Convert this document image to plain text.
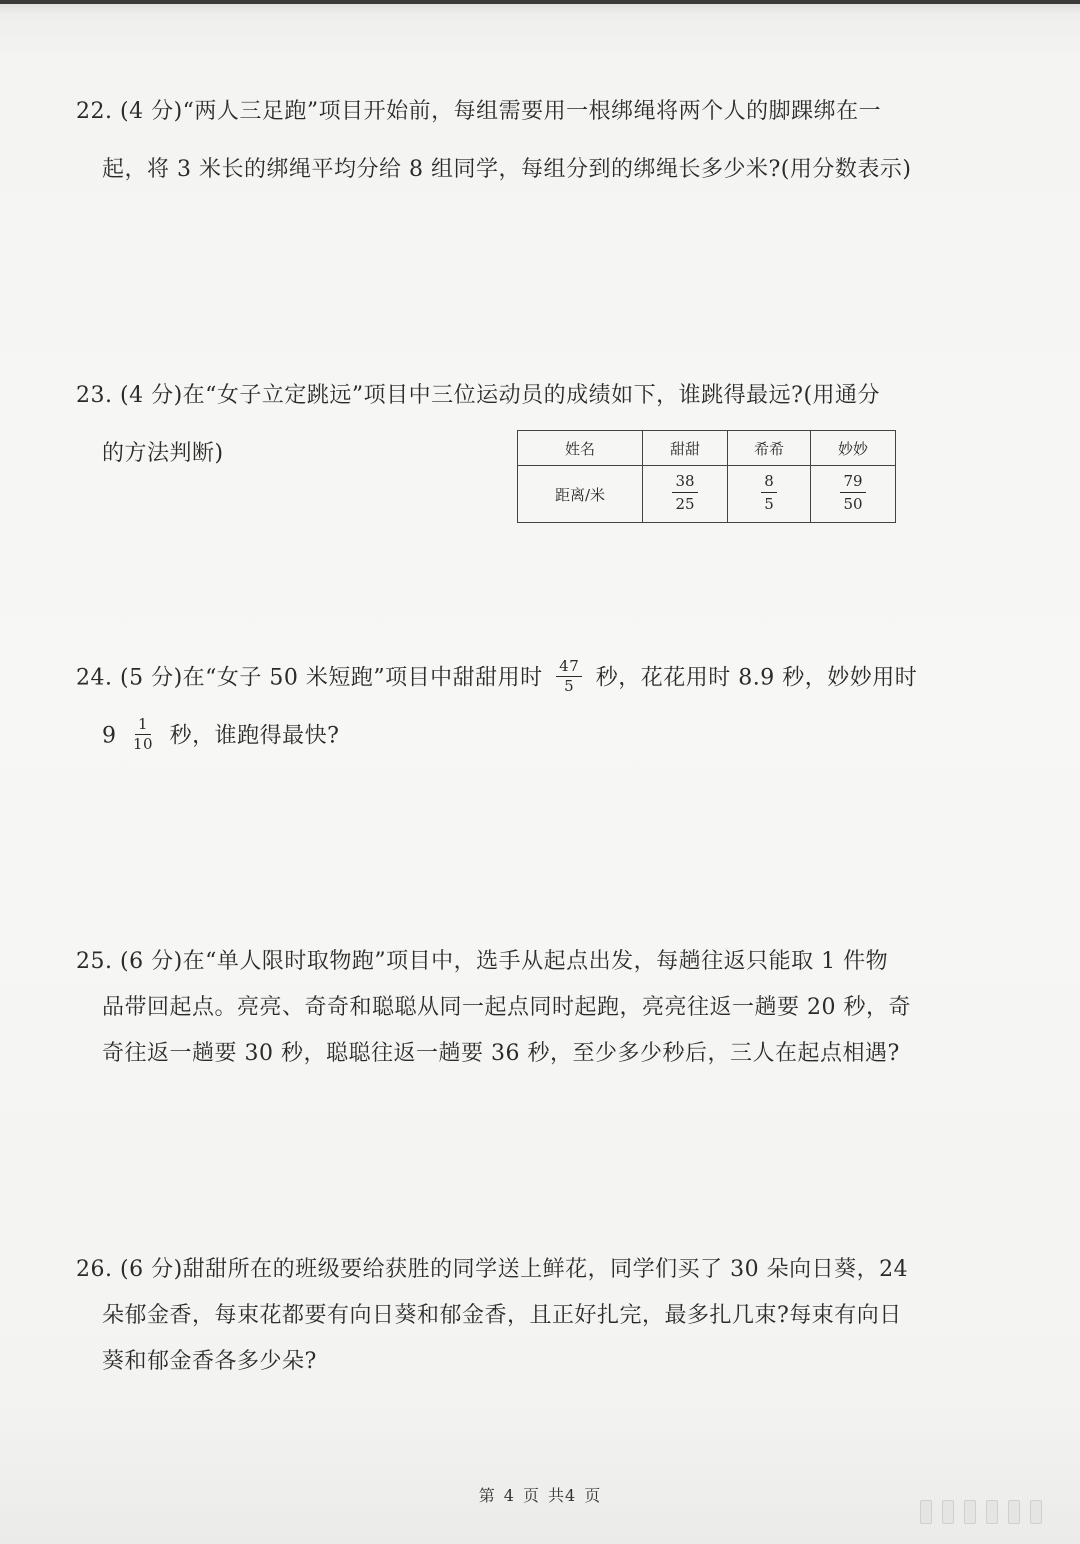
22. (4 分)“两人三足跑”项目开始前，每组需要用一根绑绳将两个人的脚踝绑在一
起，将 3 米长的绑绳平均分给 8 组同学，每组分到的绑绳长多少米?(用分数表示)
23. (4 分)在“女子立定跳远”项目中三位运动员的成绩如下，谁跳得最远?(用通分
的方法判断)	姓名	甜甜	希希	妙妙
距离/米	$\frac{38}{25}$	$\frac{8}{5}$	$\frac{79}{50}$
24. (5 分)在“女子 50 米短跑”项目中甜甜用时 $\frac{47}{5}$ 秒，花花用时 8.9 秒，妙妙用时
$9 \frac{1}{10}$ 秒，谁跑得最快?
25. (6 分)在“单人限时取物跑”项目中，选手从起点出发，每趟往返只能取 1 件物
品带回起点。亮亮、奇奇和聪聪从同一起点同时起跑，亮亮往返一趟要 20 秒，奇
奇往返一趟要 30 秒，聪聪往返一趟要 36 秒，至少多少秒后，三人在起点相遇?
26. (6 分)甜甜所在的班级要给获胜的同学送上鲜花，同学们买了 30 朵向日葵，24
朵郁金香，每束花都要有向日葵和郁金香，且正好扎完，最多扎几束?每束有向日
葵和郁金香各多少朵?
第 4 页 共4 页
